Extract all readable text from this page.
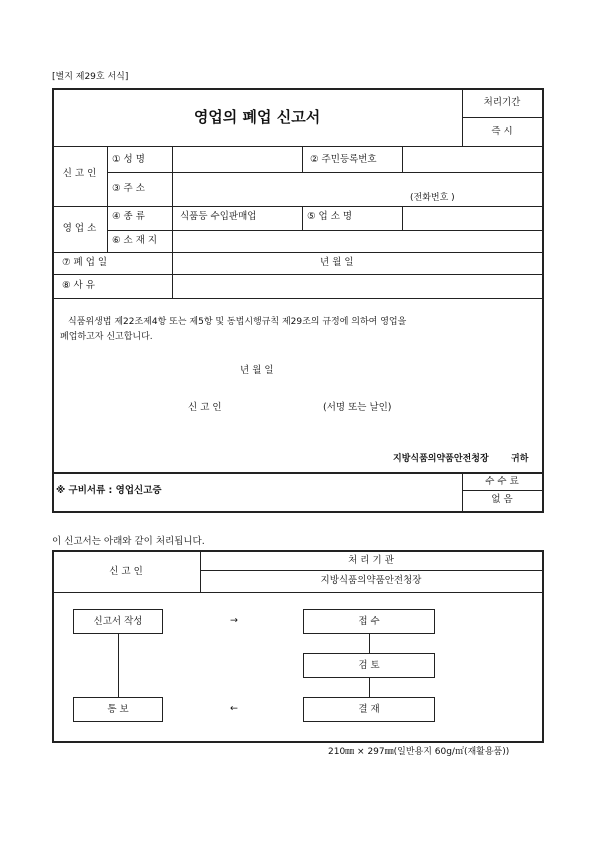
[별지 제29호 서식]
영업의 폐업 신고서
처리기간
즉 시
신 고 인
① 성 명	② 주민등록번호
③ 주 소
(전화번호 )
영 업 소
④ 종 류	식품등 수입판매업	⑤ 업 소 명
⑥ 소 재 지
⑦ 폐 업 일	년 월 일
⑧ 사 유
식품위생법 제22조제4항 또는 제5항 및 동법시행규칙 제29조의 규정에 의하여 영업을
폐업하고자 신고합니다.
년 월 일
신 고 인	(서명 또는 날인)
지방식품의약품안전청장 귀하
※ 구비서류 : 영업신고증
수 수 료
없 음
이 신고서는 아래와 같이 처리됩니다.
신 고 인
처 리 기 관
지방식품의약품안전청장
신고서 작성	→	접 수
검 토
결 재
←
통 보
210㎜ × 297㎜(일반용지 60g/㎡(재활용품))
